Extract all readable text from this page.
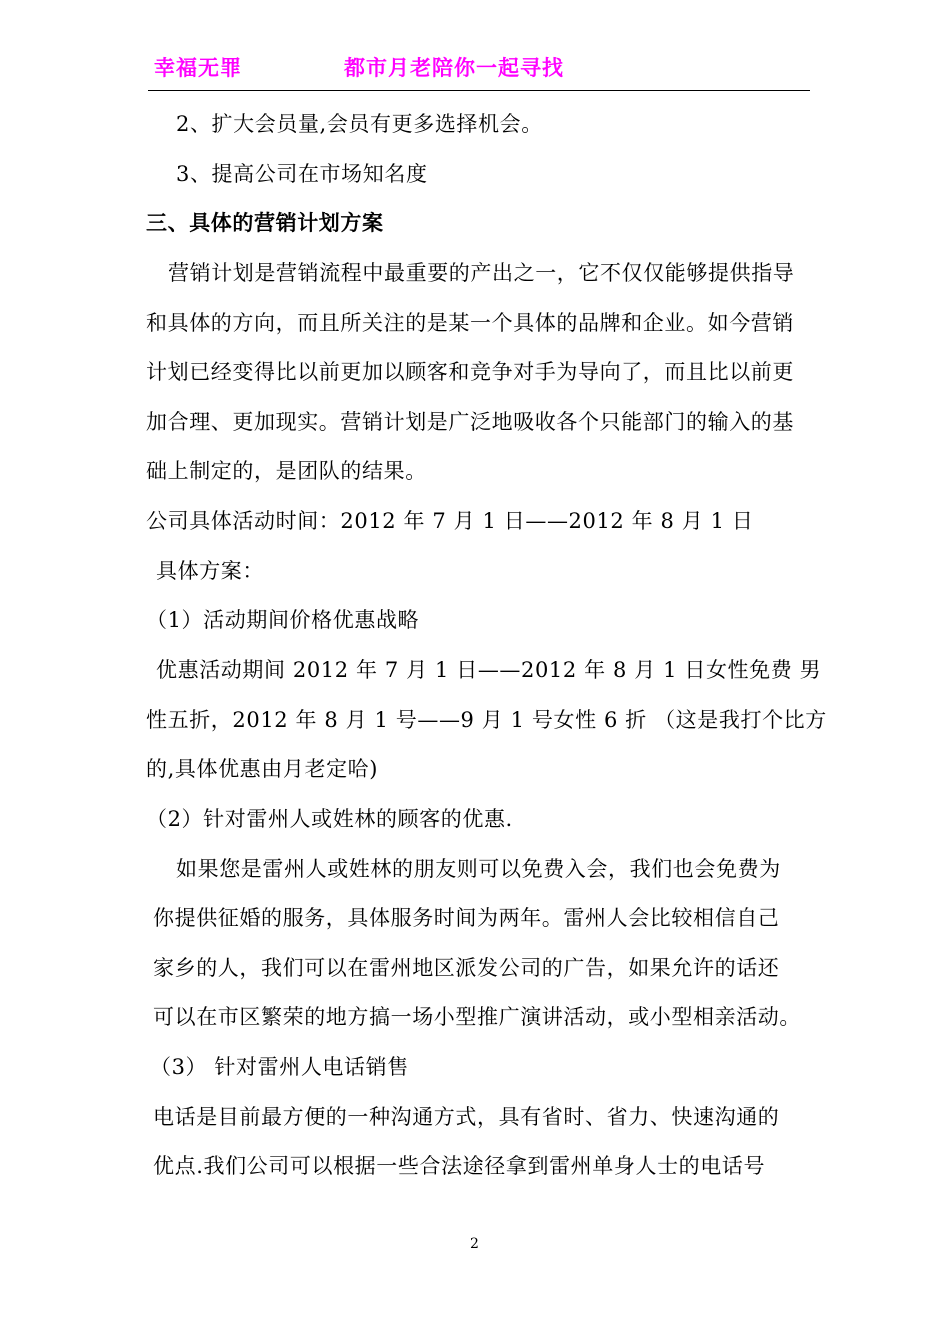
幸福无罪	都市月老陪你一起寻找
2、扩大会员量,会员有更多选择机会。
3、提高公司在市场知名度
三、具体的营销计划方案
营销计划是营销流程中最重要的产出之一，它不仅仅能够提供指导
和具体的方向，而且所关注的是某一个具体的品牌和企业。如今营销
计划已经变得比以前更加以顾客和竞争对手为导向了，而且比以前更
加合理、更加现实。营销计划是广泛地吸收各个只能部门的输入的基
础上制定的，是团队的结果。
公司具体活动时间：2012 年 7 月 1 日——2012 年 8 月 1 日
具体方案：
（1）活动期间价格优惠战略
优惠活动期间 2012 年 7 月 1 日——2012 年 8 月 1 日女性免费 男
性五折，2012 年 8 月 1 号——9 月 1 号女性 6 折 （这是我打个比方
的,具体优惠由月老定哈)
（2）针对雷州人或姓林的顾客的优惠.
如果您是雷州人或姓林的朋友则可以免费入会，我们也会免费为
你提供征婚的服务，具体服务时间为两年。雷州人会比较相信自己
家乡的人，我们可以在雷州地区派发公司的广告，如果允许的话还
可以在市区繁荣的地方搞一场小型推广演讲活动，或小型相亲活动。
（3） 针对雷州人电话销售
电话是目前最方便的一种沟通方式，具有省时、省力、快速沟通的
优点.我们公司可以根据一些合法途径拿到雷州单身人士的电话号
2
